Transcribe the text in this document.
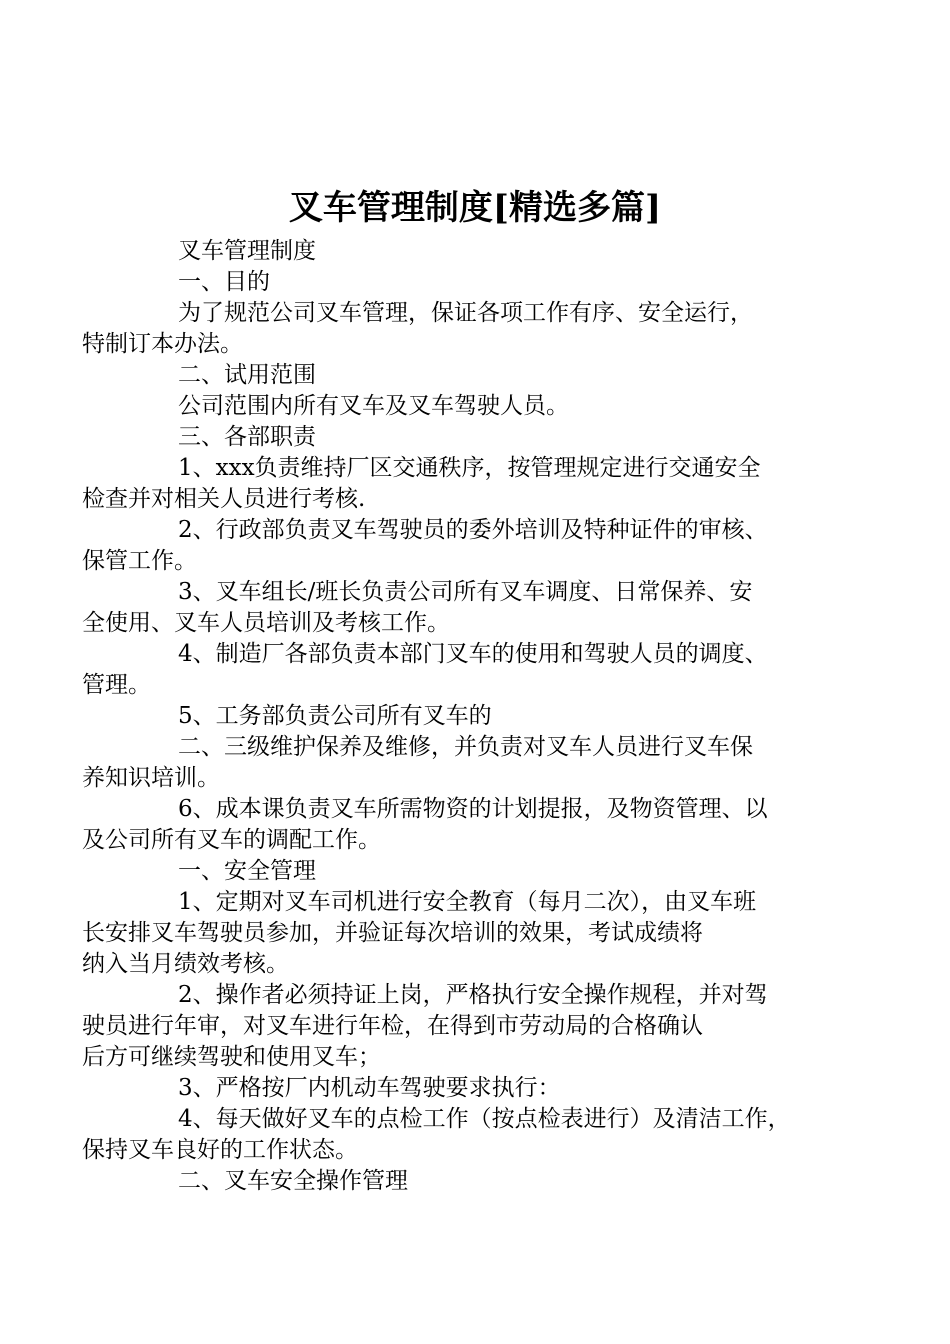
叉车管理制度[精选多篇]

叉车管理制度

一、目的

为了规范公司叉车管理，保证各项工作有序、安全运行，
特制订本办法。

二、试用范围

公司范围内所有叉车及叉车驾驶人员。

三、各部职责

1、xxx负责维持厂区交通秩序，按管理规定进行交通安全
检查并对相关人员进行考核.

2、行政部负责叉车驾驶员的委外培训及特种证件的审核、
保管工作。

3、叉车组长/班长负责公司所有叉车调度、日常保养、安
全使用、叉车人员培训及考核工作。

4、制造厂各部负责本部门叉车的使用和驾驶人员的调度、
管理。

5、工务部负责公司所有叉车的

二、三级维护保养及维修，并负责对叉车人员进行叉车保
养知识培训。

6、成本课负责叉车所需物资的计划提报，及物资管理、以
及公司所有叉车的调配工作。

一、安全管理

1、定期对叉车司机进行安全教育（每月二次），由叉车班
长安排叉车驾驶员参加，并验证每次培训的效果，考试成绩将
纳入当月绩效考核。

2、操作者必须持证上岗，严格执行安全操作规程，并对驾
驶员进行年审，对叉车进行年检，在得到市劳动局的合格确认
后方可继续驾驶和使用叉车；

3、严格按厂内机动车驾驶要求执行：

4、每天做好叉车的点检工作（按点检表进行）及清洁工作，
保持叉车良好的工作状态。

二、叉车安全操作管理
